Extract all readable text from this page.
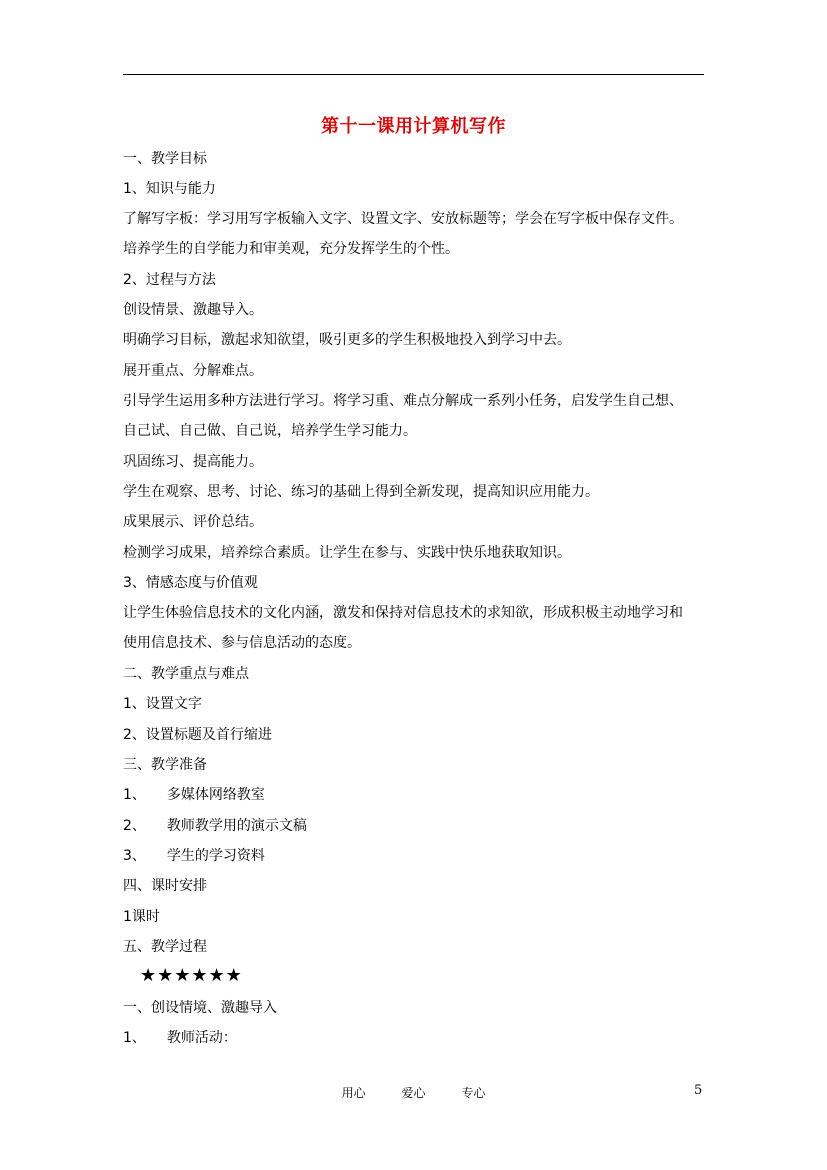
第十一课用计算机写作
一、教学目标
1、知识与能力
了解写字板：学习用写字板输入文字、设置文字、安放标题等；学会在写字板中保存文件。
培养学生的自学能力和审美观，充分发挥学生的个性。
2、过程与方法
创设情景、激趣导入。
明确学习目标，激起求知欲望，吸引更多的学生积极地投入到学习中去。
展开重点、分解难点。
引导学生运用多种方法进行学习。将学习重、难点分解成一系列小任务，启发学生自己想、
自己试、自己做、自己说，培养学生学习能力。
巩固练习、提高能力。
学生在观察、思考、讨论、练习的基础上得到全新发现，提高知识应用能力。
成果展示、评价总结。
检测学习成果，培养综合素质。让学生在参与、实践中快乐地获取知识。
3、情感态度与价值观
让学生体验信息技术的文化内涵，激发和保持对信息技术的求知欲，形成积极主动地学习和
使用信息技术、参与信息活动的态度。
二、教学重点与难点
1、设置文字
2、设置标题及首行缩进
三、教学准备
1、　　多媒体网络教室
2、　　教师教学用的演示文稿
3、　　学生的学习资料
四、课时安排
1课时
五、教学过程
★★★★★★
一、创设情境、激趣导入
1、　　教师活动：
用心	爱心	专心	5
